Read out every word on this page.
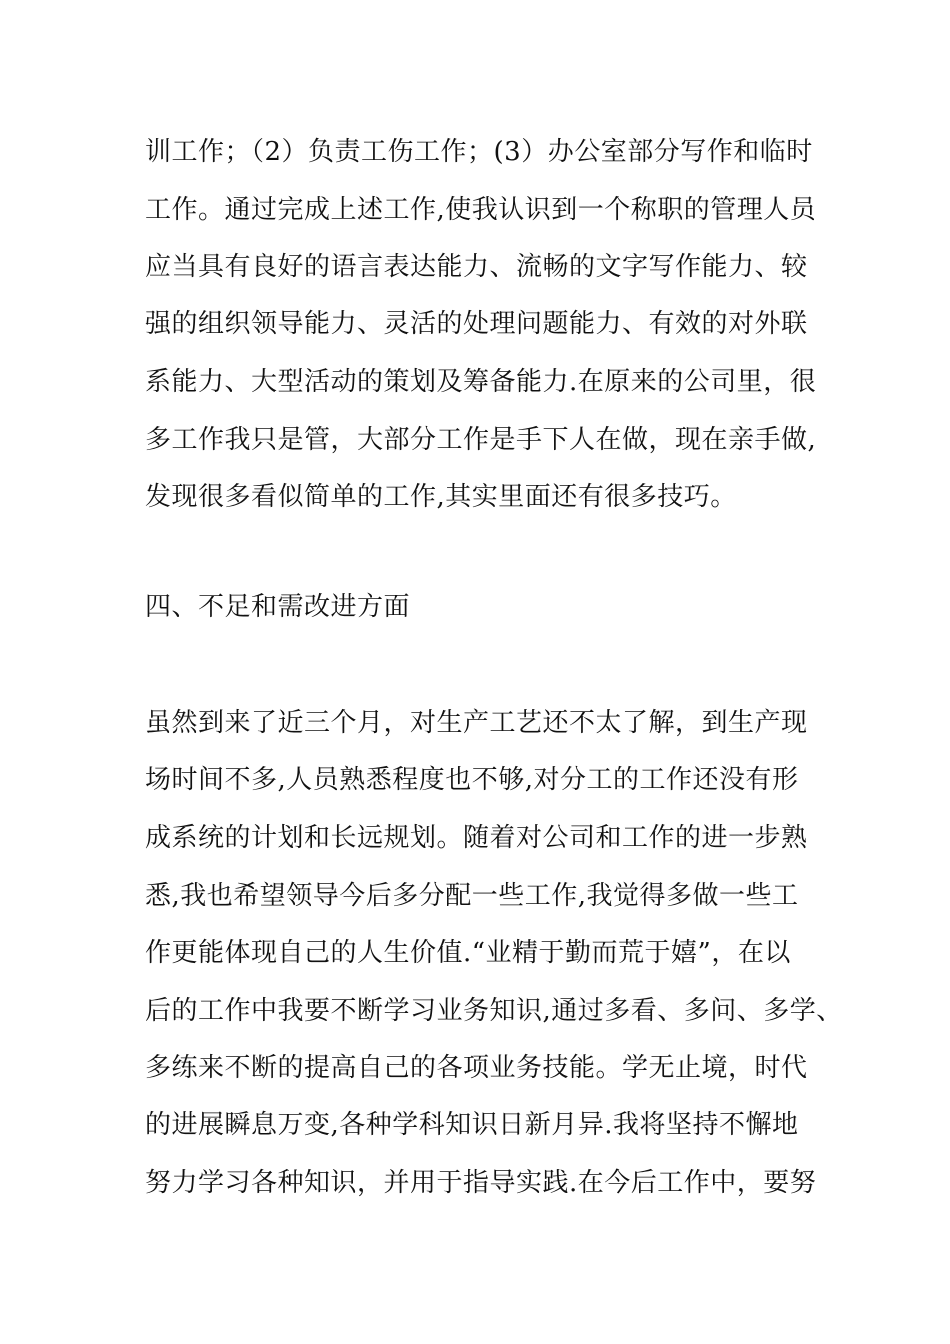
训工作；（2）负责工伤工作；(3）办公室部分写作和临时
工作。通过完成上述工作,使我认识到一个称职的管理人员
应当具有良好的语言表达能力、流畅的文字写作能力、较
强的组织领导能力、灵活的处理问题能力、有效的对外联
系能力、大型活动的策划及筹备能力.在原来的公司里，很
多工作我只是管，大部分工作是手下人在做，现在亲手做,
发现很多看似简单的工作,其实里面还有很多技巧。
四、不足和需改进方面
虽然到来了近三个月，对生产工艺还不太了解，到生产现
场时间不多,人员熟悉程度也不够,对分工的工作还没有形
成系统的计划和长远规划。随着对公司和工作的进一步熟
悉,我也希望领导今后多分配一些工作,我觉得多做一些工
作更能体现自己的人生价值.“业精于勤而荒于嬉”，在以
后的工作中我要不断学习业务知识,通过多看、多问、多学、
多练来不断的提高自己的各项业务技能。学无止境，时代
的进展瞬息万变,各种学科知识日新月异.我将坚持不懈地
努力学习各种知识，并用于指导实践.在今后工作中，要努
